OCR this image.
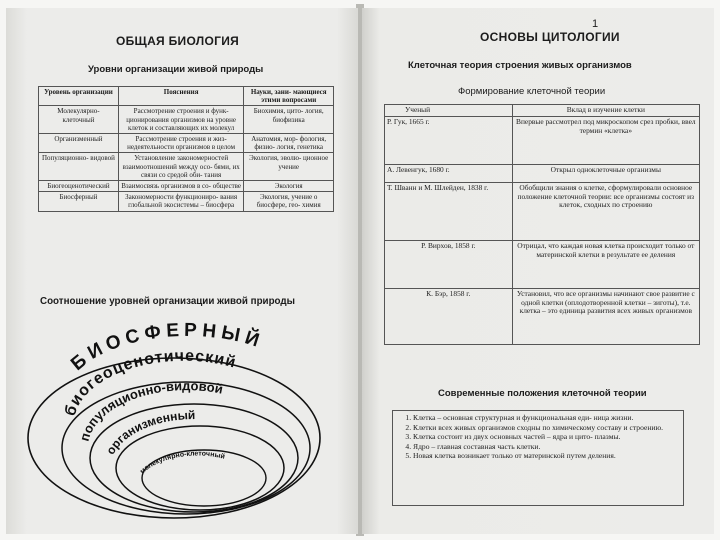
ОБЩАЯ БИОЛОГИЯ
Уровни организации живой природы
Уровень организации	Пояснения	Науки, зани- мающиеся этими вопросами
Молекулярно- клеточный	Рассмотрение строения и функ- ционирования организмов на уровне клеток и составляющих их молекул	Биохимия, цито- логия, биофизика
Организменный	Рассмотрение строения и жиз- недеятельности организмов в целом	Анатомия, мор- фология, физио- логия, генетика
Популяционно- видовой	Установление закономерностей взаимоотношений между осо- бями, их связи со средой оби- тания	Экология, эволю- ционное учение
Биогеоценотический	Взаимосвязь организмов в со- обществе	Экология
Биосферный	Закономерности функциониро- вания глобальной экосистемы – биосфера	Экология, учение о биосфере, гео- химия
Соотношение уровней организации живой природы
БИОСФЕРНЫЙ
биогеоценотический
популяционно-видовой
организменный
молекулярно-клеточный
1
ОСНОВЫ ЦИТОЛОГИИ
Клеточная теория строения живых организмов
Формирование клеточной теории
Ученый	Вклад в изучение клетки
Р. Гук, 1665 г.	Впервые рассмотрел под микроскопом срез пробки, ввел термин «клетка»
А. Левенгук, 1680 г.	Открыл одноклеточные организмы
Т. Шванн и М. Шлейден, 1838 г.	Обобщили знания о клетке, сформулировали основное положение клеточной теории: все организмы состоят из клеток, сходных по строению
Р. Вирхов, 1858 г.	Отрицал, что каждая новая клетка происходит только от материнской клетки в результате ее деления
К. Бэр, 1858 г.	Установил, что все организмы начинают свое развитие с одной клетки (оплодотворенной клетки – зиготы), т.е. клетка – это единица развития всех живых организмов
Современные положения клеточной теории
1. Клетка – основная структурная и функциональная еди- ница жизни.
2. Клетки всех живых организмов сходны по химическому составу и строению.
3. Клетка состоит из двух основных частей – ядра и цито- плазмы.
4. Ядро – главная составная часть клетки.
5. Новая клетка возникает только от материнской путем деления.
